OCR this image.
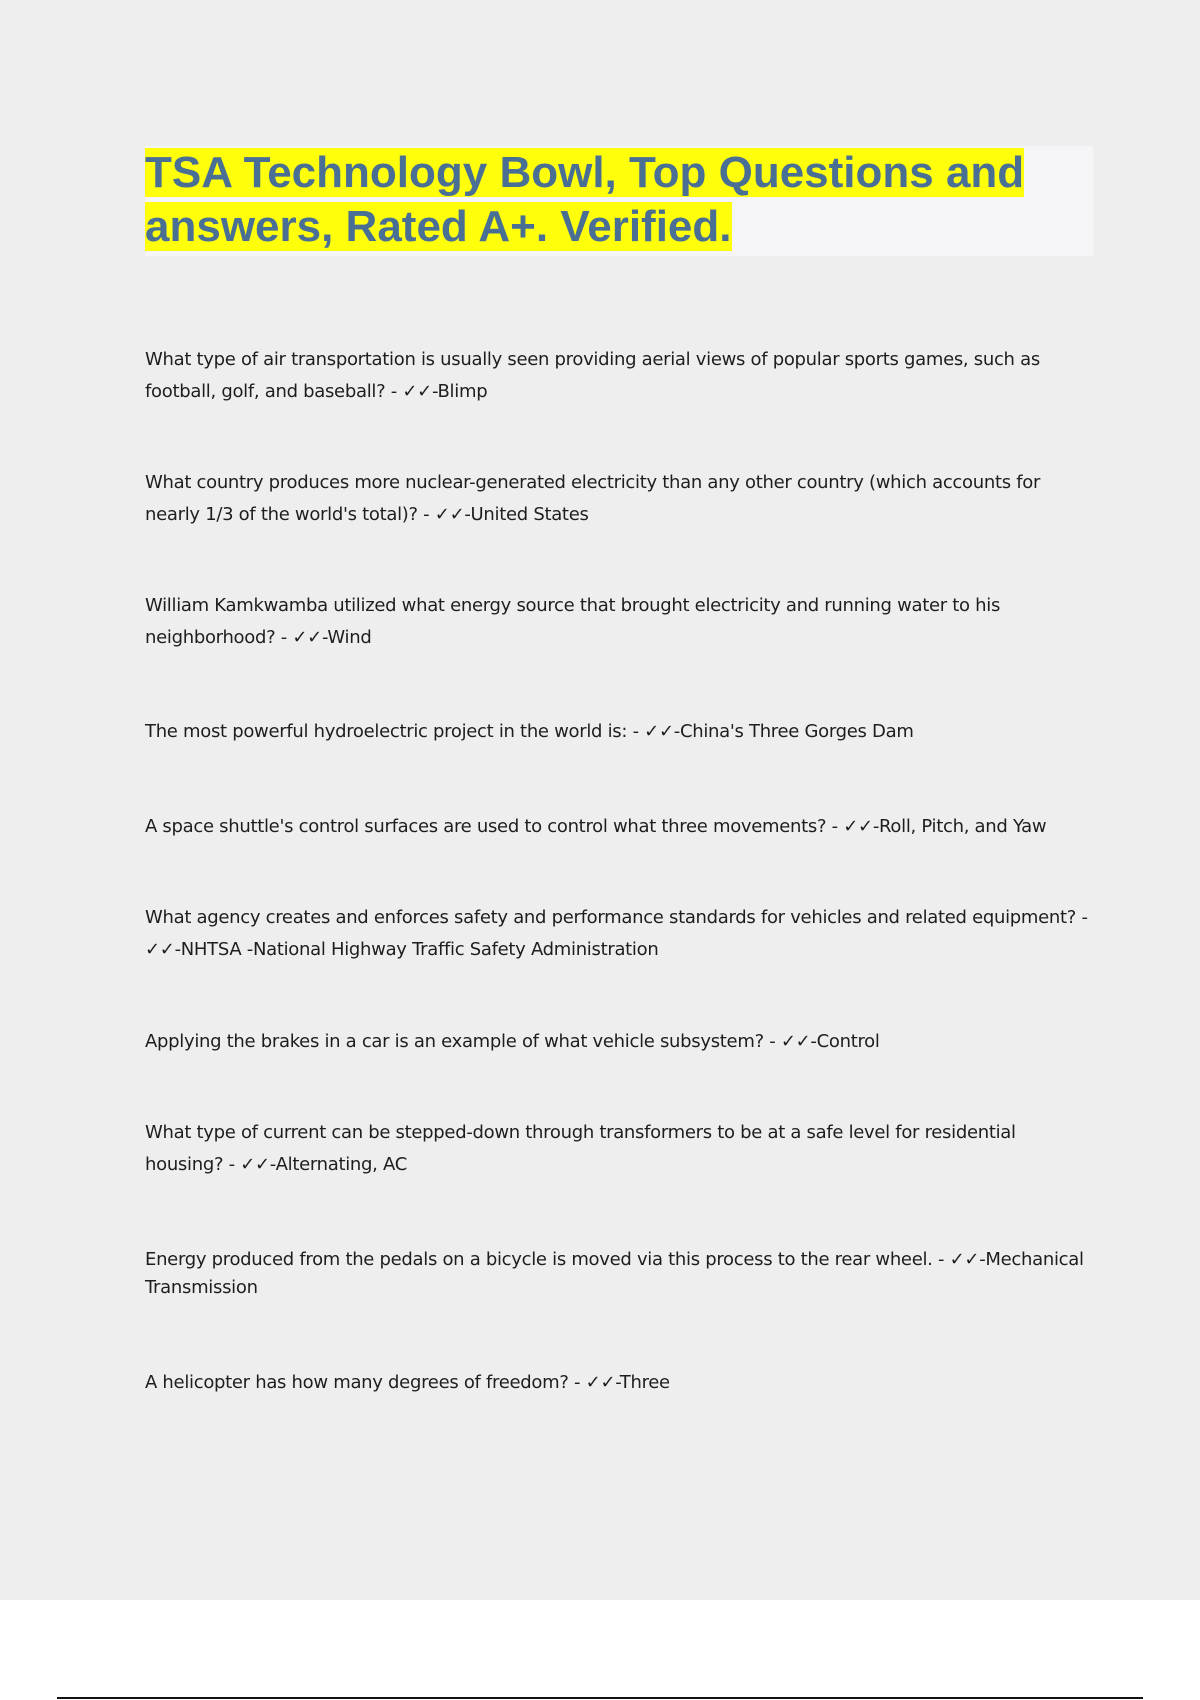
TSA Technology Bowl, Top Questions and answers, Rated A+. Verified.

What type of air transportation is usually seen providing aerial views of popular sports games, such as football, golf, and baseball? - ✓✓-Blimp

What country produces more nuclear-generated electricity than any other country (which accounts for nearly 1/3 of the world's total)? - ✓✓-United States

William Kamkwamba utilized what energy source that brought electricity and running water to his neighborhood? - ✓✓-Wind

The most powerful hydroelectric project in the world is: - ✓✓-China's Three Gorges Dam

A space shuttle's control surfaces are used to control what three movements? - ✓✓-Roll, Pitch, and Yaw

What agency creates and enforces safety and performance standards for vehicles and related equipment? - ✓✓-NHTSA -National Highway Traffic Safety Administration

Applying the brakes in a car is an example of what vehicle subsystem? - ✓✓-Control

What type of current can be stepped-down through transformers to be at a safe level for residential housing? - ✓✓-Alternating, AC

Energy produced from the pedals on a bicycle is moved via this process to the rear wheel. - ✓✓-Mechanical Transmission

A helicopter has how many degrees of freedom? - ✓✓-Three
